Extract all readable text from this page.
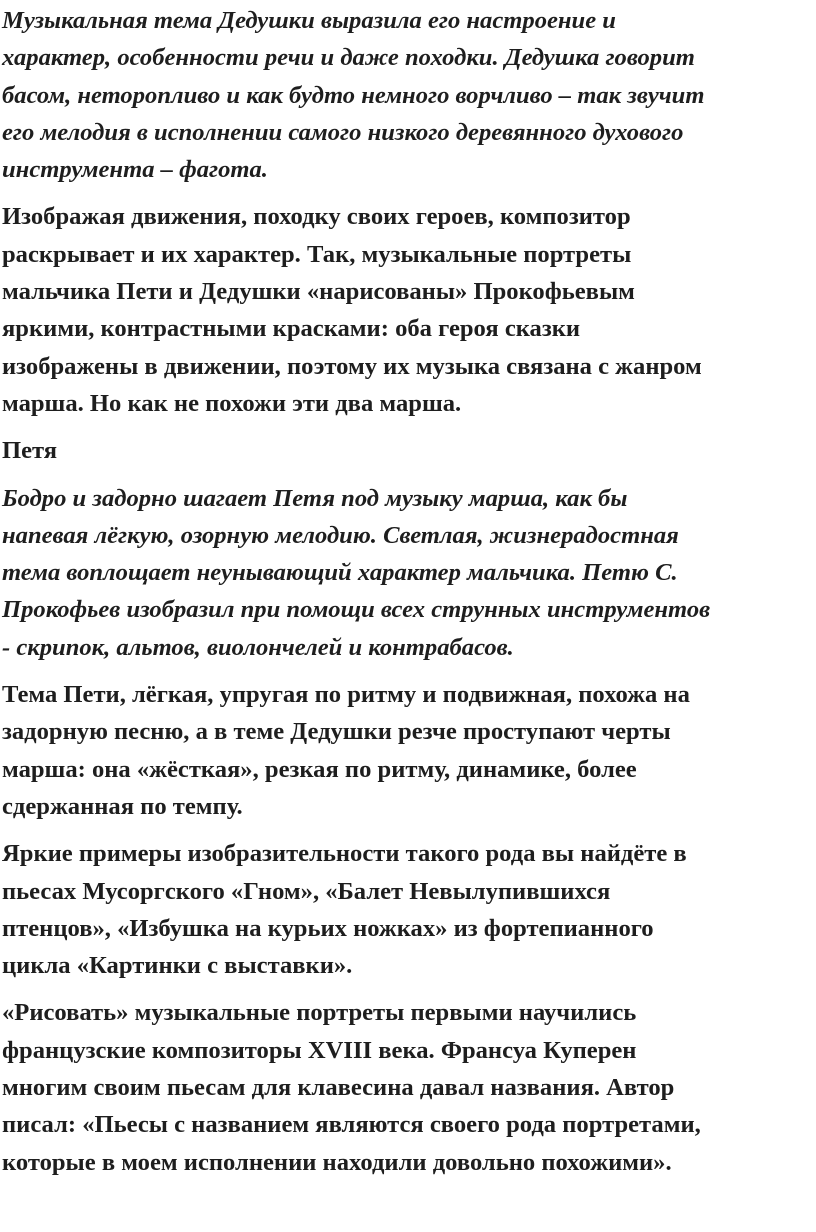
Музыкальная тема Дедушки выразила его настроение и
характер, особенности речи и даже походки. Дедушка говорит
басом, неторопливо и как будто немного ворчливо – так звучит
его мелодия в исполнении самого низкого деревянного духового
инструмента – фагота.
Изображая движения, походку своих героев, композитор
раскрывает и их характер. Так, музыкальные портреты
мальчика Пети и Дедушки «нарисованы» Прокофьевым
яркими, контрастными красками: оба героя сказки
изображены в движении, поэтому их музыка связана с жанром
марша. Но как не похожи эти два марша.
Петя
Бодро и задорно шагает Петя под музыку марша, как бы
напевая лёгкую, озорную мелодию. Светлая, жизнерадостная
тема воплощает неунывающий характер мальчика. Петю С.
Прокофьев изобразил при помощи всех струнных инструментов
- скрипок, альтов, виолончелей и контрабасов.
Тема Пети, лёгкая, упругая по ритму и подвижная, похожа на
задорную песню, а в теме Дедушки резче проступают черты
марша: она «жёсткая», резкая по ритму, динамике, более
сдержанная по темпу.
Яркие примеры изобразительности такого рода вы найдёте в
пьесах Мусоргского «Гном», «Балет Невылупившихся
птенцов», «Избушка на курьих ножках» из фортепианного
цикла «Картинки с выставки».
«Рисовать» музыкальные портреты первыми научились
французские композиторы XVIII века. Франсуа Куперен
многим своим пьесам для клавесина давал названия. Автор
писал: «Пьесы с названием являются своего рода портретами,
которые в моем исполнении находили довольно похожими».
